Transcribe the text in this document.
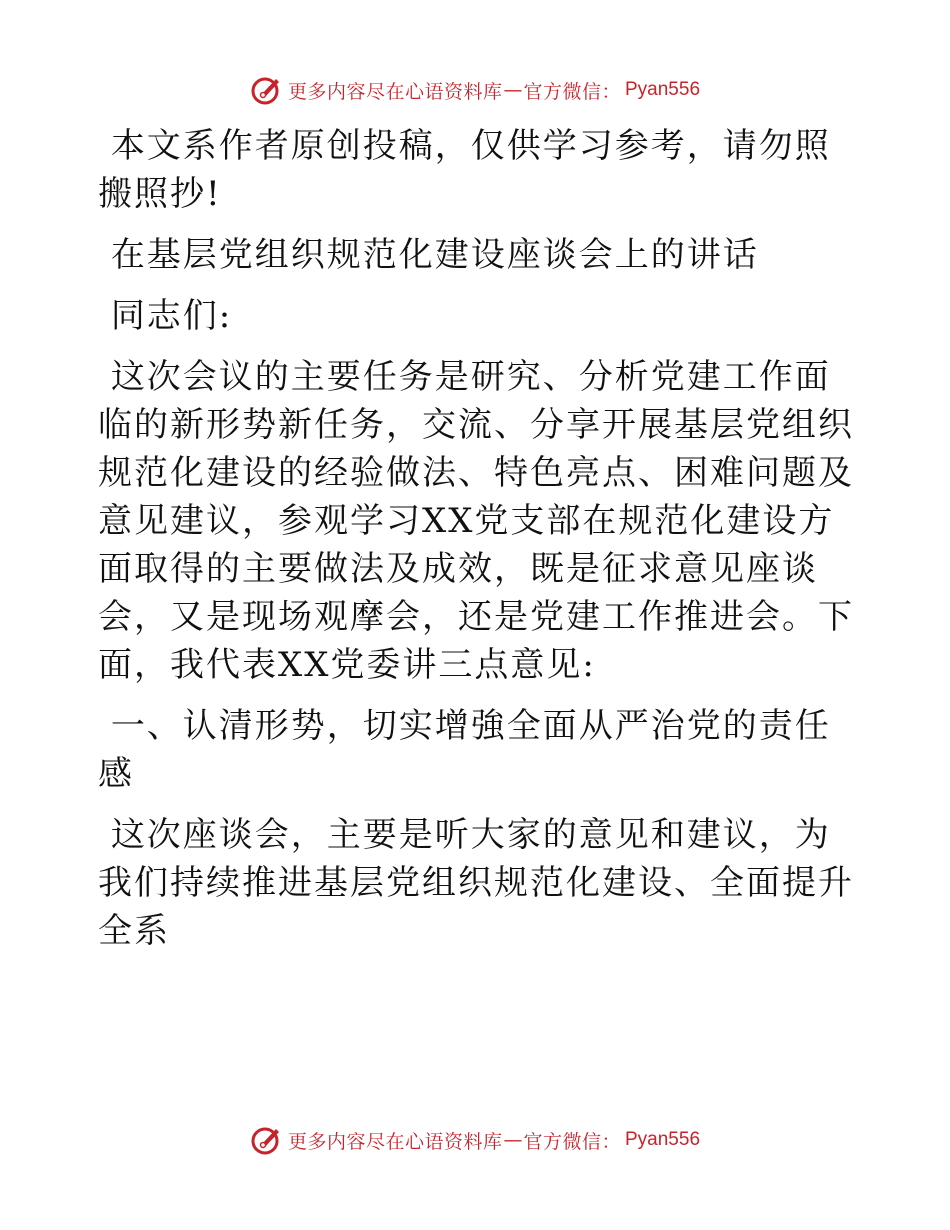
更多内容尽在心语资料库 — 官方微信： Pyan556

本文系作者原创投稿，仅供学习参考，请勿照搬照抄!

在基层党组织规范化建设座谈会上的讲话

同志们:

这次会议的主要任务是研究、分析党建工作面临的新形势新任务，交流、分享开展基层党组织规范化建设的经验做法、特色亮点、困难问题及意见建议，参观学习XX党支部在规范化建设方面取得的主要做法及成效，既是征求意见座谈会，又是现场观摩会，还是党建工作推进会。下面，我代表XX党委讲三点意见:

一、认清形势，切实增強全面从严治党的责任感

这次座谈会，主要是听大家的意见和建议，为我们持续推进基层党组织规范化建设、全面提升全系

更多内容尽在心语资料库 — 官方微信： Pyan556
